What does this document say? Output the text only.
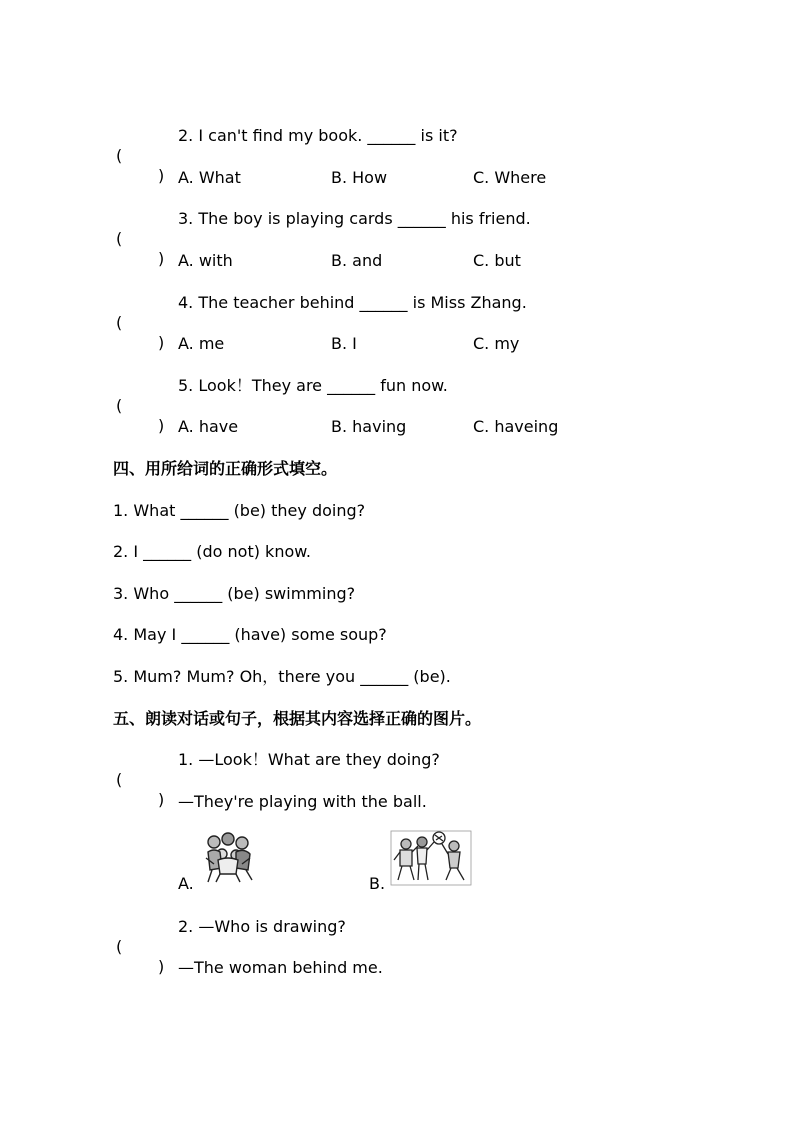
(

)

2. I can't find my book. ______ is it?
A. What	B. How	C. Where

(

)

3. The boy is playing cards ______ his friend.
A. with	B. and	C. but

(

)

4. The teacher behind ______ is Miss Zhang.
A. me	B. I	C. my

(

)

5. Look！They are ______ fun now.
A. have	B. having	C. haveing
四、用所给词的正确形式填空。
1. What ______ (be) they doing?
2. I ______ (do not) know.
3. Who ______ (be) swimming?
4. May I ______ (have) some soup?
5. Mum? Mum? Oh，there you ______ (be).
五、朗读对话或句子，根据其内容选择正确的图片。

(

)

1. —Look！What are they doing?
—They're playing with the ball.
A.	B.

(

)

2. —Who is drawing?
—The woman behind me.
